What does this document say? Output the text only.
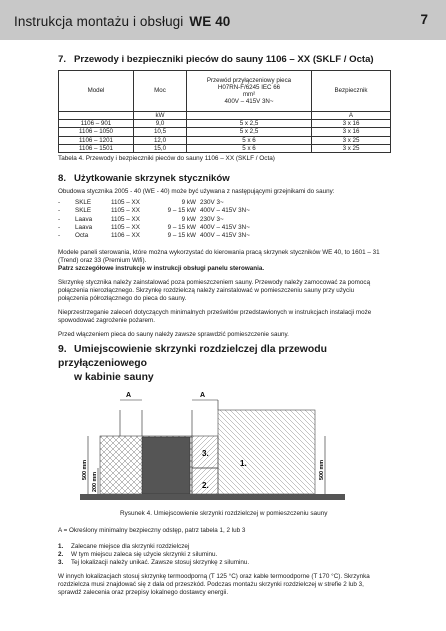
Instrukcja montażu i obsługi WE 40	7
7. Przewody i bezpieczniki pieców do sauny 1106 – XX (SKLF / Octa)
Model	Moc	Przewód przyłączeniowy pieca
H07RN-F/6245 IEC 66
mm²
400V – 415V 3N~	Bezpiecznik
	kW		A
1106 – 901	9,0	5 x 2,5	3 x 16
1106 – 1050	10,5	5 x 2,5	3 x 16
1106 – 1201	12,0	5 x 6	3 x 25
1106 – 1501	15,0	5 x 6	3 x 25
Tabela 4. Przewody i bezpieczniki pieców do sauny 1106 – XX (SKLF / Octa)
8. Użytkowanie skrzynek styczników
Obudowa stycznika 2005 - 40 (WE - 40) może być używana z następującymi grzejnikami do sauny:
-	SKLE	1105 – XX	9 kW 230V 3~
-	SKLE	1105 – XX	9 – 15 kW 400V – 415V 3N~
-	Laava	1105 – XX	9 kW 230V 3~
-	Laava	1105 – XX	9 – 15 kW 400V – 415V 3N~
-	Octa	1106 – XX	9 – 15 kW 400V – 415V 3N~
Modele paneli sterowania, które można wykorzystać do kierowania pracą skrzynek styczników WE 40, to 1601 – 31
(Trend) oraz 33 (Premium Wifi).
Patrz szczegółowe instrukcje w instrukcji obsługi panelu sterowania.
Skrzynkę stycznika należy zainstalować poza pomieszczeniem sauny. Przewody należy zamocować za pomocą
połączenia nierozłącznego. Skrzynkę rozdzielczą należy zainstalować w pomieszczeniu sauny przy użyciu
połączenia półrozłącznego do pieca do sauny.
Nieprzestrzeganie zaleceń dotyczących minimalnych prześwitów przedstawionych w instrukcjach instalacji może
spowodować zagrożenie pożarem.
Przed włączeniem pieca do sauny należy zawsze sprawdzić pomieszczenie sauny.
9. Umiejscowienie skrzynki rozdzielczej dla przewodu przyłączeniowego
w kabinie sauny
A	A
500 mm
200 mm
500 mm
1.
2.
3.
Rysunek 4. Umiejscowienie skrzynki rozdzielczej w pomieszczeniu sauny
A = Określony minimalny bezpieczny odstęp, patrz tabela 1, 2 lub 3
1.	Zalecane miejsce dla skrzynki rozdzielczej
2.	W tym miejscu zaleca się użycie skrzynki z siluminu.
3.	Tej lokalizacji należy unikać. Zawsze stosuj skrzynkę z siluminu.
W innych lokalizacjach stosuj skrzynkę termoodporną (T 125 °C) oraz kable termoodporne (T 170 °C). Skrzynka
rozdzielcza musi znajdować się z dala od przeszkód. Podczas montażu skrzynki rozdzielczej w strefie 2 lub 3,
sprawdź zalecenia oraz przepisy lokalnego dostawcy energii.
